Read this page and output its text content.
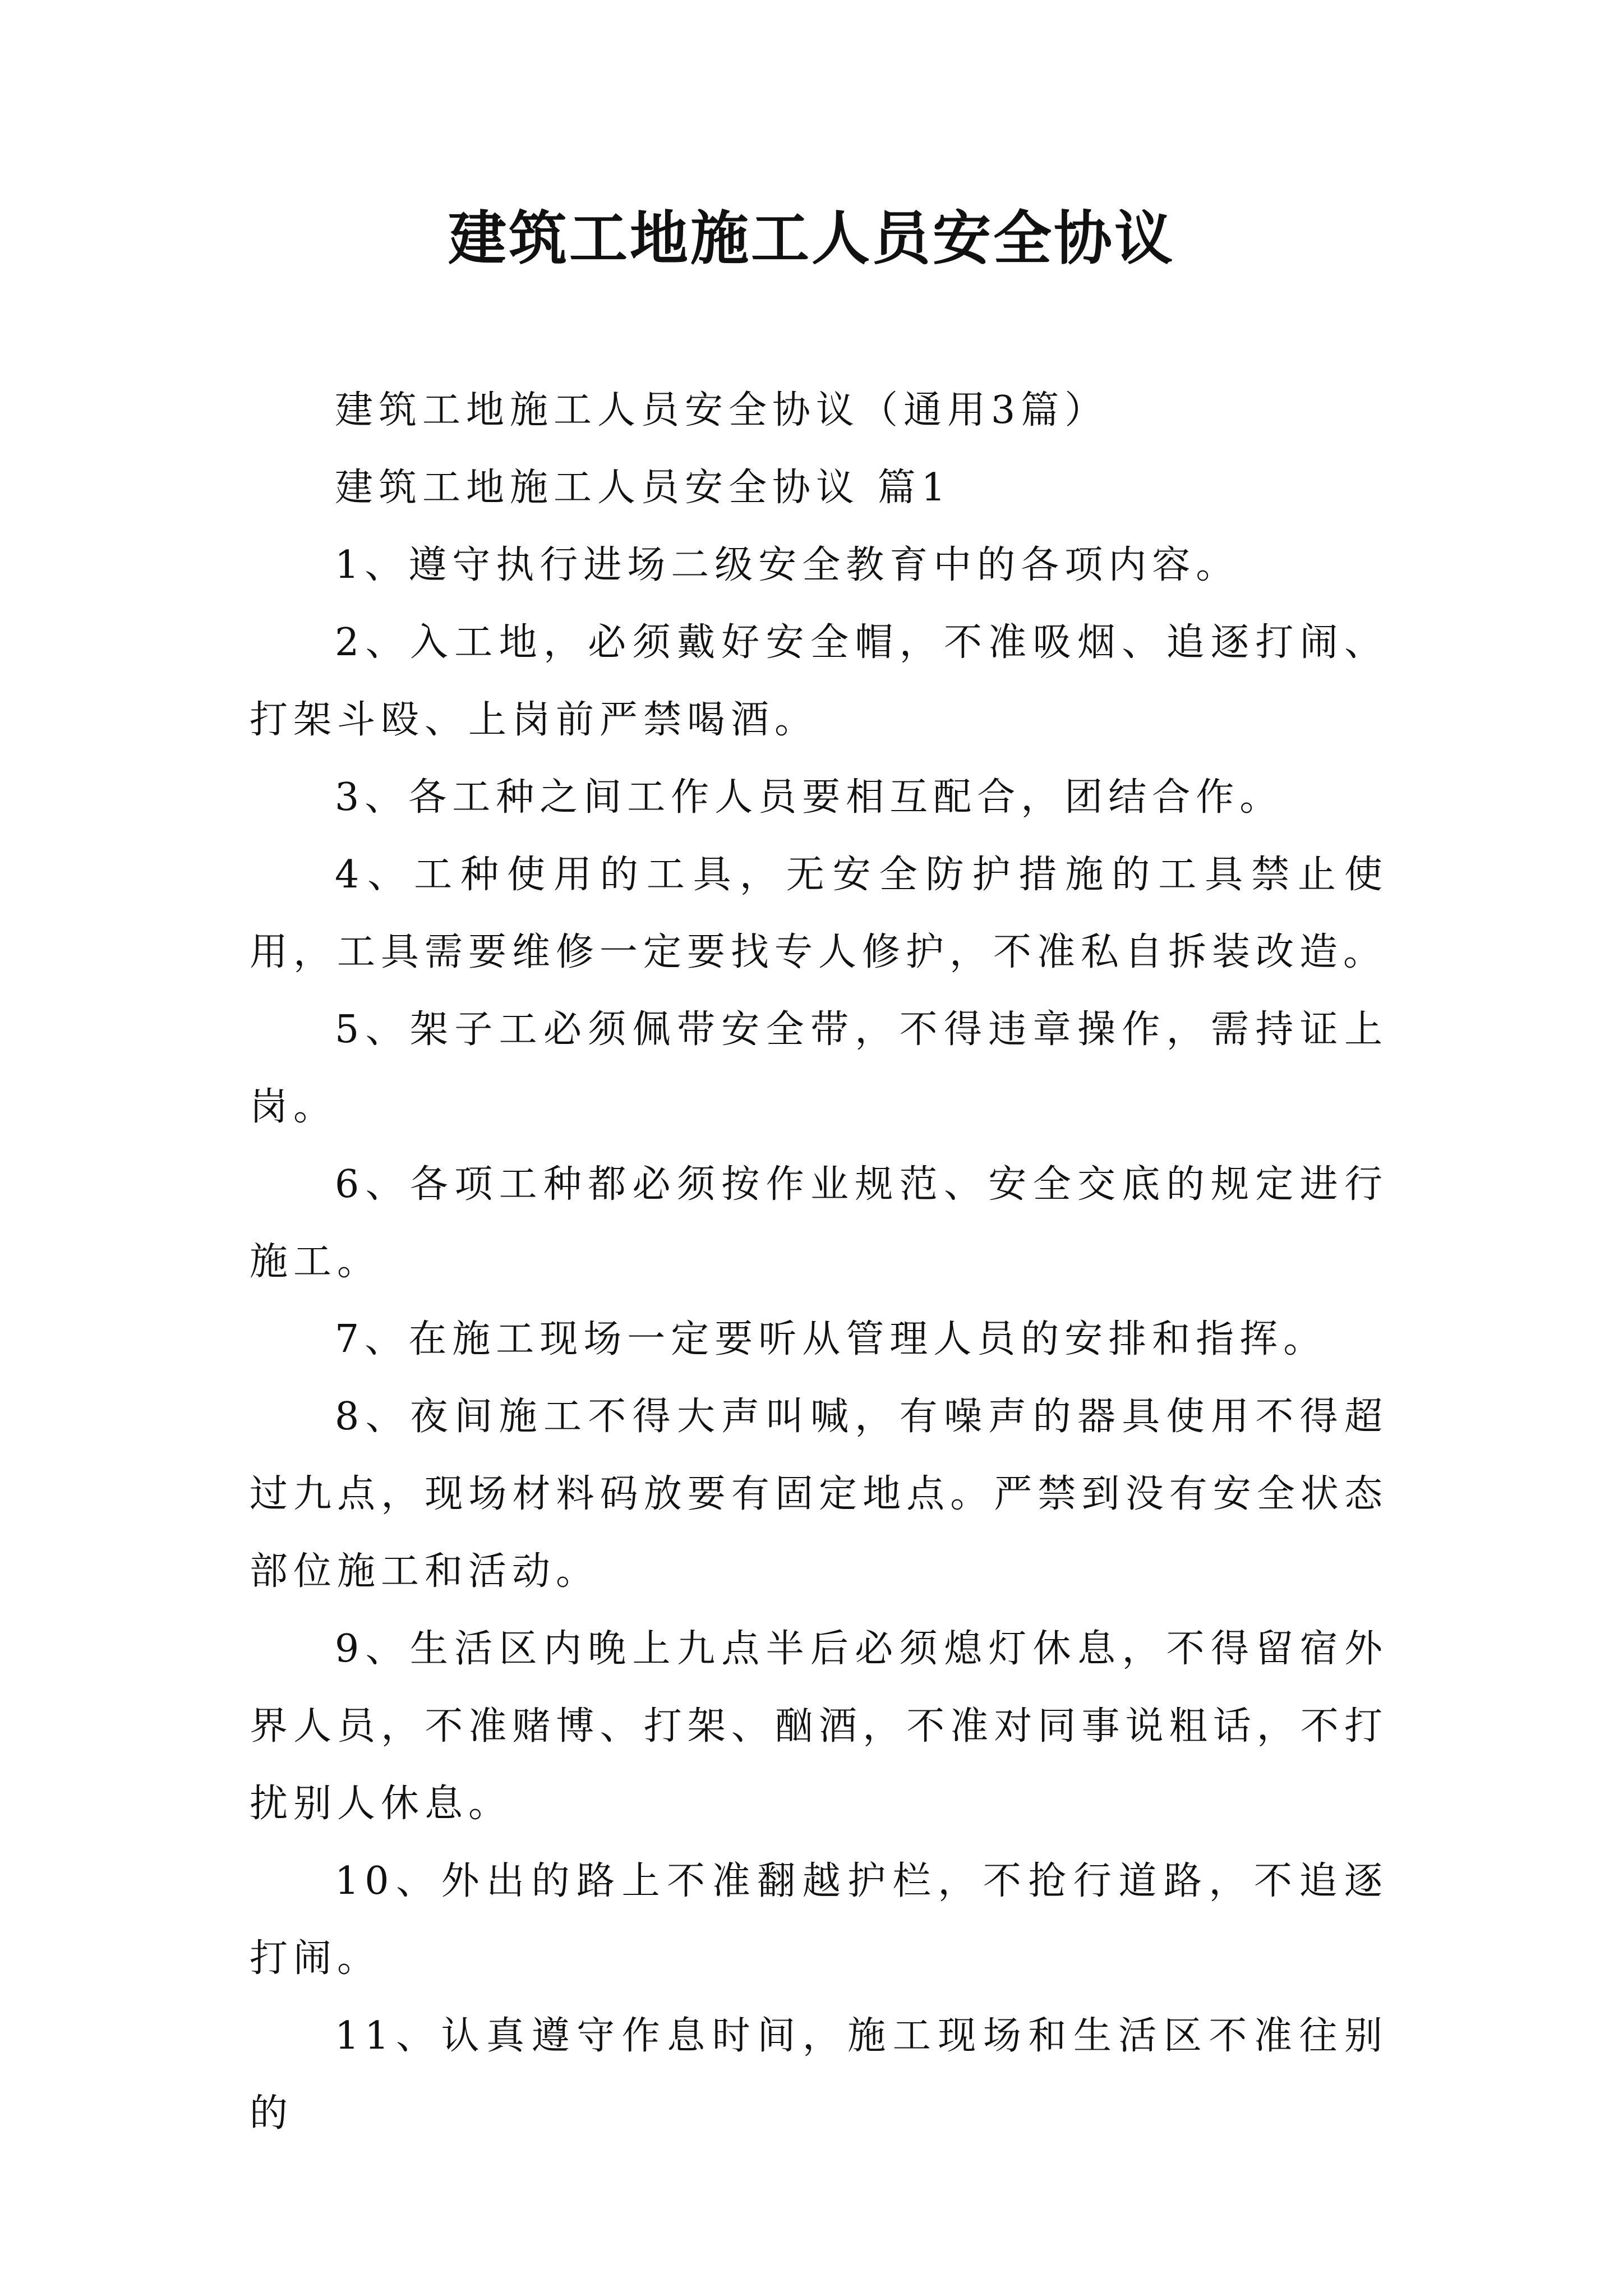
建筑工地施工人员安全协议

建筑工地施工人员安全协议（通用3篇）

建筑工地施工人员安全协议 篇1

1、遵守执行进场二级安全教育中的各项内容。

2、入工地，必须戴好安全帽，不准吸烟、追逐打闹、打架斗殴、上岗前严禁喝酒。

3、各工种之间工作人员要相互配合，团结合作。

4、工种使用的工具，无安全防护措施的工具禁止使用，工具需要维修一定要找专人修护，不准私自拆装改造。

5、架子工必须佩带安全带，不得违章操作，需持证上岗。

6、各项工种都必须按作业规范、安全交底的规定进行施工。

7、在施工现场一定要听从管理人员的安排和指挥。

8、夜间施工不得大声叫喊，有噪声的器具使用不得超过九点，现场材料码放要有固定地点。严禁到没有安全状态部位施工和活动。

9、生活区内晚上九点半后必须熄灯休息，不得留宿外界人员，不准赌博、打架、酗酒，不准对同事说粗话，不打扰别人休息。

10、外出的路上不准翻越护栏，不抢行道路，不追逐打闹。

11、认真遵守作息时间，施工现场和生活区不准往别的
